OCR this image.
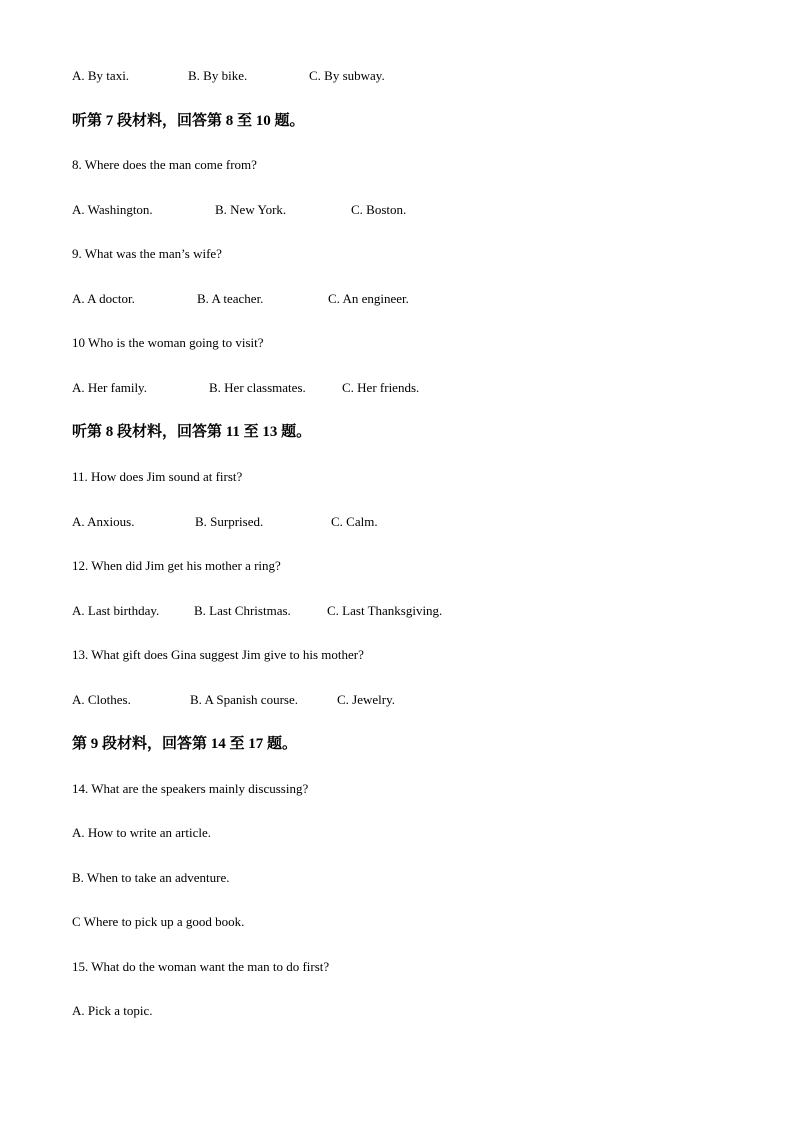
A. By taxi.	B. By bike.	C. By subway.
听第 7 段材料，回答第 8 至 10 题。
8. Where does the man come from?
A. Washington.	B. New York.	C. Boston.
9. What was the man’s wife?
A. A doctor.	B. A teacher.	C. An engineer.
10 Who is the woman going to visit?
A. Her family.	B. Her classmates.	C. Her friends.
听第 8 段材料，回答第 11 至 13 题。
11. How does Jim sound at first?
A. Anxious.	B. Surprised.	C. Calm.
12. When did Jim get his mother a ring?
A. Last birthday.	B. Last Christmas.	C. Last Thanksgiving.
13. What gift does Gina suggest Jim give to his mother?
A. Clothes.	B. A Spanish course.	C. Jewelry.
第 9 段材料，回答第 14 至 17 题。
14. What are the speakers mainly discussing?
A. How to write an article.
B. When to take an adventure.
C Where to pick up a good book.
15. What do the woman want the man to do first?
A. Pick a topic.
